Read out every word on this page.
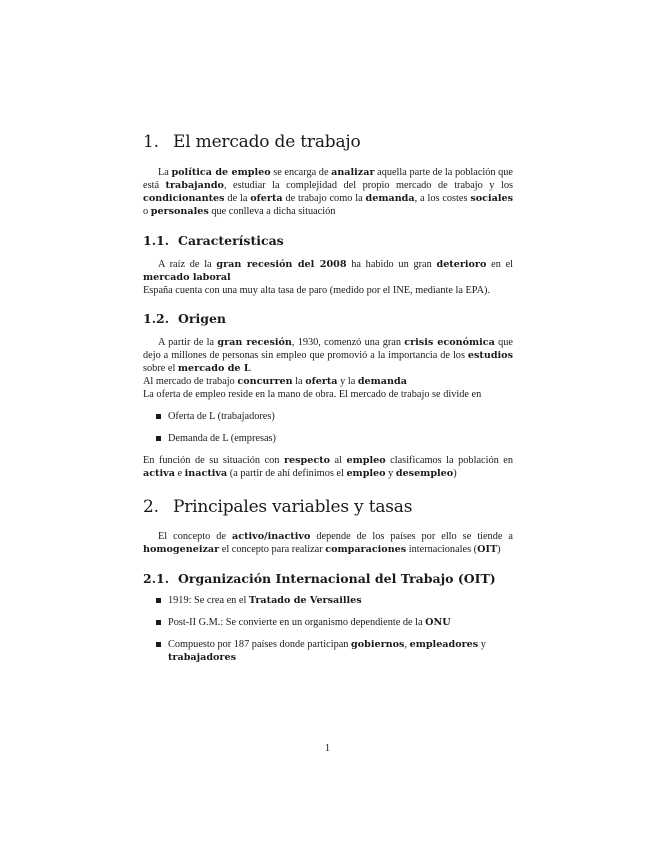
1. El mercado de trabajo

La política de empleo se encarga de analizar aquella parte de la población que está trabajando, estudiar la complejidad del propio mercado de trabajo y los condicionantes de la oferta de trabajo como la demanda, a los costes sociales o personales que conlleva a dicha situación

1.1. Características

A raíz de la gran recesión del 2008 ha habido un gran deterioro en el mercado laboral

España cuenta con una muy alta tasa de paro (medido por el INE, mediante la EPA).

1.2. Origen

A partir de la gran recesión, 1930, comenzó una gran crisis económica que dejo a millones de personas sin empleo que promovió a la importancia de los estudios sobre el mercado de L

Al mercado de trabajo concurren la oferta y la demanda

La oferta de empleo reside en la mano de obra. El mercado de trabajo se divide en

Oferta de L (trabajadores)
Demanda de L (empresas)

En función de su situación con respecto al empleo clasificamos la población en activa e inactiva (a partir de ahí definimos el empleo y desempleo)

2. Principales variables y tasas

El concepto de activo/inactivo depende de los países por ello se tiende a homogeneizar el concepto para realizar comparaciones internacionales (OIT)

2.1. Organización Internacional del Trabajo (OIT)
1919: Se crea en el Tratado de Versailles
Post-II G.M.: Se convierte en un organismo dependiente de la ONU
Compuesto por 187 países donde participan gobiernos, empleadores y trabajadores
1
